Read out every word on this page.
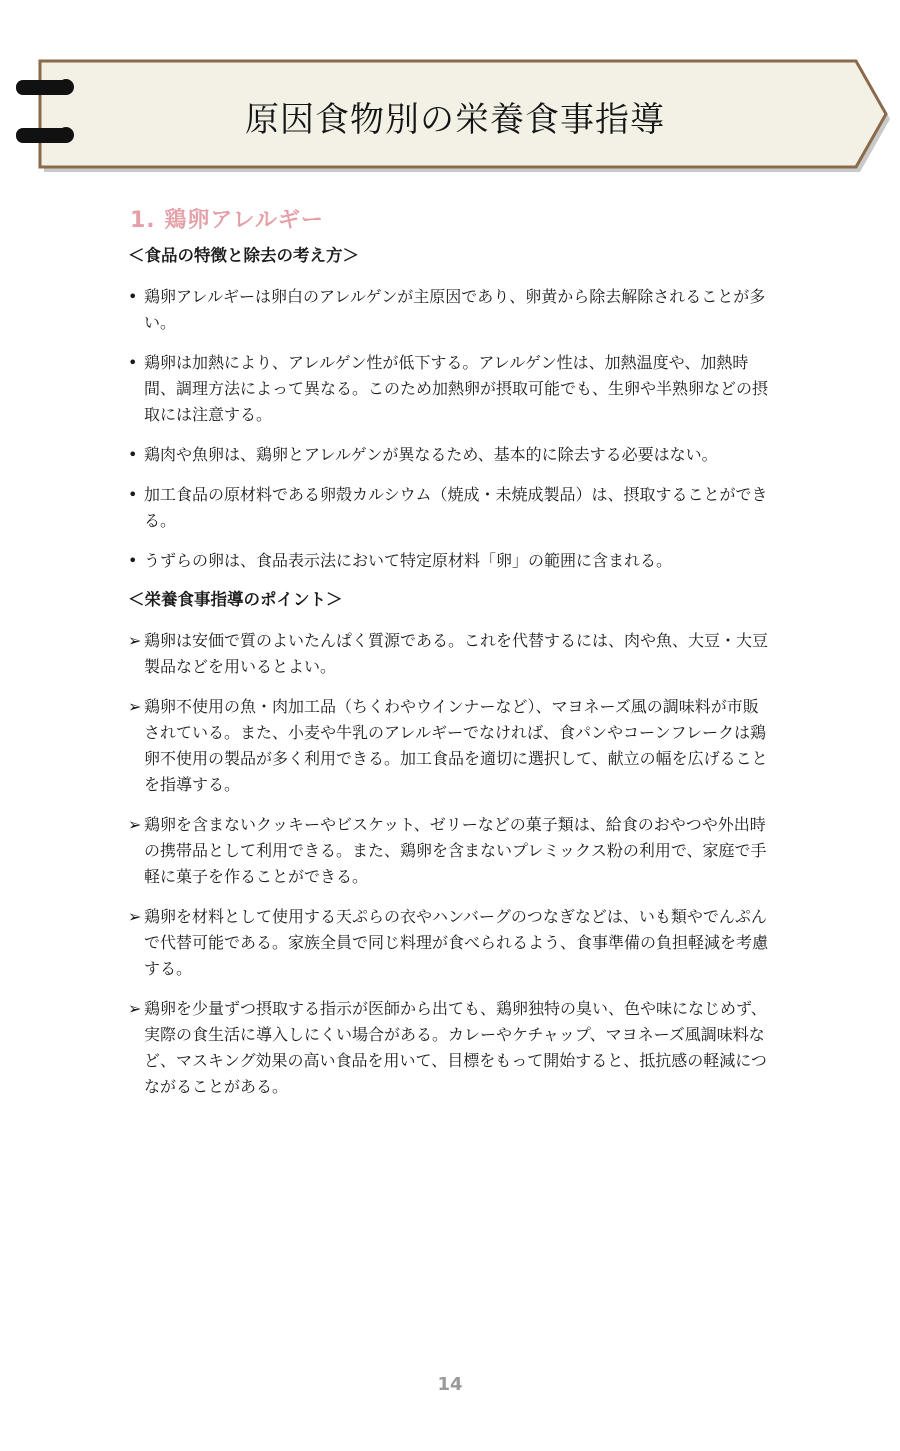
原因食物別の栄養食事指導
1. 鶏卵アレルギー

＜食品の特徴と除去の考え方＞

• 鶏卵アレルギーは卵白のアレルゲンが主原因であり、卵黄から除去解除されることが多い。
• 鶏卵は加熱により、アレルゲン性が低下する。アレルゲン性は、加熱温度や、加熱時間、調理方法によって異なる。このため加熱卵が摂取可能でも、生卵や半熟卵などの摂取には注意する。
• 鶏肉や魚卵は、鶏卵とアレルゲンが異なるため、基本的に除去する必要はない。
• 加工食品の原材料である卵殻カルシウム（焼成・未焼成製品）は、摂取することができる。
• うずらの卵は、食品表示法において特定原材料「卵」の範囲に含まれる。

＜栄養食事指導のポイント＞

➢ 鶏卵は安価で質のよいたんぱく質源である。これを代替するには、肉や魚、大豆・大豆製品などを用いるとよい。
➢ 鶏卵不使用の魚・肉加工品（ちくわやウインナーなど）、マヨネーズ風の調味料が市販されている。また、小麦や牛乳のアレルギーでなければ、食パンやコーンフレークは鶏卵不使用の製品が多く利用できる。加工食品を適切に選択して、献立の幅を広げることを指導する。
➢ 鶏卵を含まないクッキーやビスケット、ゼリーなどの菓子類は、給食のおやつや外出時の携帯品として利用できる。また、鶏卵を含まないプレミックス粉の利用で、家庭で手軽に菓子を作ることができる。
➢ 鶏卵を材料として使用する天ぷらの衣やハンバーグのつなぎなどは、いも類やでんぷんで代替可能である。家族全員で同じ料理が食べられるよう、食事準備の負担軽減を考慮する。
➢ 鶏卵を少量ずつ摂取する指示が医師から出ても、鶏卵独特の臭い、色や味になじめず、実際の食生活に導入しにくい場合がある。カレーやケチャップ、マヨネーズ風調味料など、マスキング効果の高い食品を用いて、目標をもって開始すると、抵抗感の軽減につながることがある。
14
